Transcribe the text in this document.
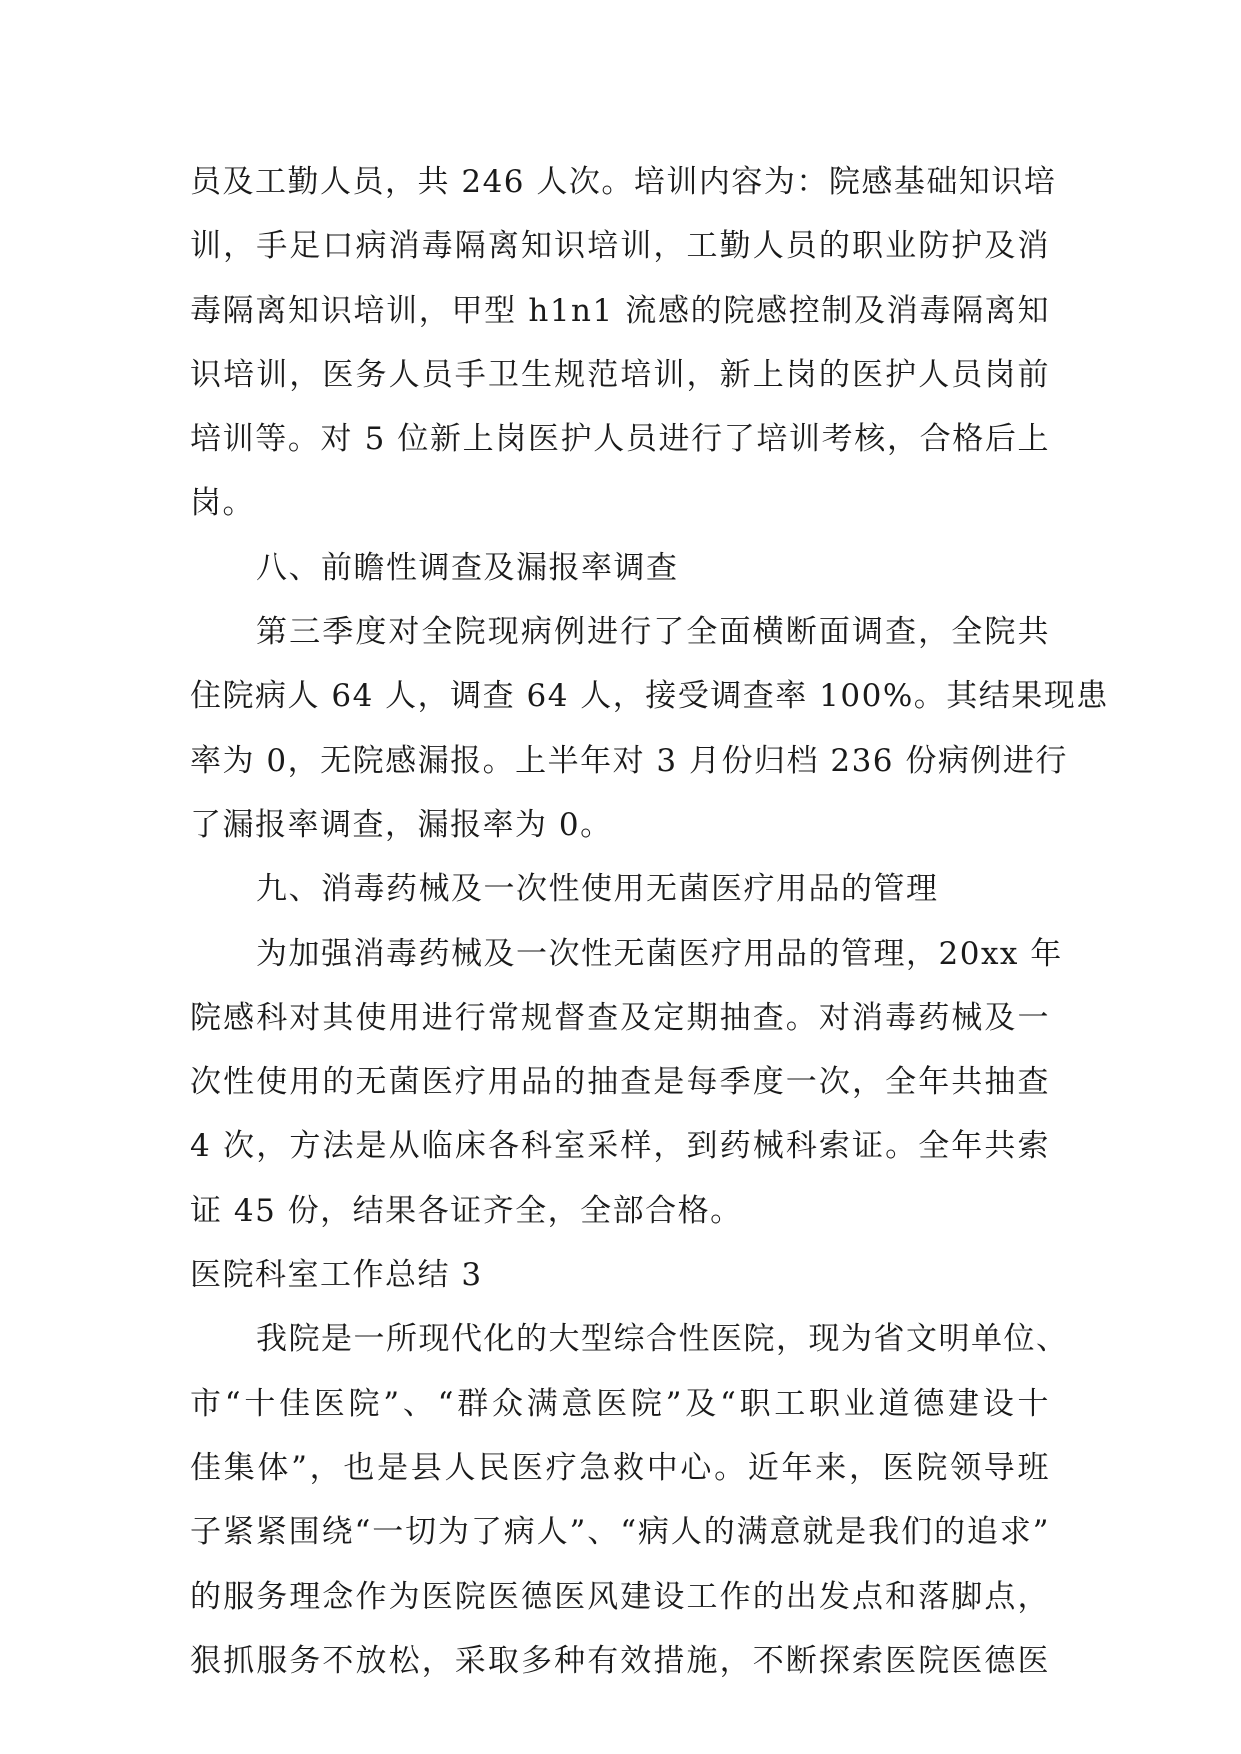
员及工勤人员，共 246 人次。培训内容为：院感基础知识培
训，手足口病消毒隔离知识培训，工勤人员的职业防护及消
毒隔离知识培训，甲型 h1n1 流感的院感控制及消毒隔离知
识培训，医务人员手卫生规范培训，新上岗的医护人员岗前
培训等。对 5 位新上岗医护人员进行了培训考核，合格后上
岗。
八、前瞻性调查及漏报率调查
第三季度对全院现病例进行了全面横断面调查，全院共
住院病人 64 人，调查 64 人，接受调查率 100%。其结果现患
率为 0，无院感漏报。上半年对 3 月份归档 236 份病例进行
了漏报率调查，漏报率为 0。
九、消毒药械及一次性使用无菌医疗用品的管理
为加强消毒药械及一次性无菌医疗用品的管理，20xx 年
院感科对其使用进行常规督查及定期抽查。对消毒药械及一
次性使用的无菌医疗用品的抽查是每季度一次，全年共抽查
4 次，方法是从临床各科室采样，到药械科索证。全年共索
证 45 份，结果各证齐全，全部合格。
医院科室工作总结 3
我院是一所现代化的大型综合性医院，现为省文明单位、
市“十佳医院”、“群众满意医院”及“职工职业道德建设十
佳集体”，也是县人民医疗急救中心。近年来，医院领导班
子紧紧围绕“一切为了病人”、“病人的满意就是我们的追求”
的服务理念作为医院医德医风建设工作的出发点和落脚点，
狠抓服务不放松，采取多种有效措施，不断探索医院医德医
